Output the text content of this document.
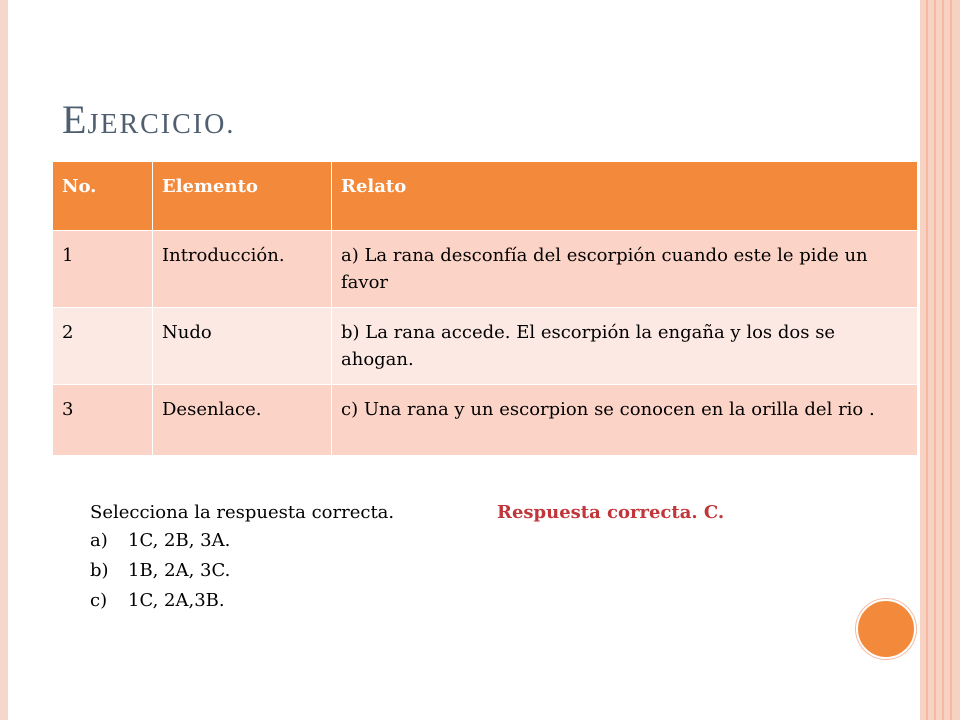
EJERCICIO.
No.	Elemento	Relato
1	Introducción.	a) La rana desconfía del escorpión cuando este le pide un favor
2	Nudo	b) La rana accede. El escorpión la engaña y los dos se ahogan.
3	Desenlace.	c) Una rana y un escorpion se conocen en la orilla del rio .
Selecciona la respuesta correcta.	Respuesta correcta. C.
a)	1C, 2B, 3A.
b)	1B, 2A, 3C.
c)	1C, 2A,3B.
